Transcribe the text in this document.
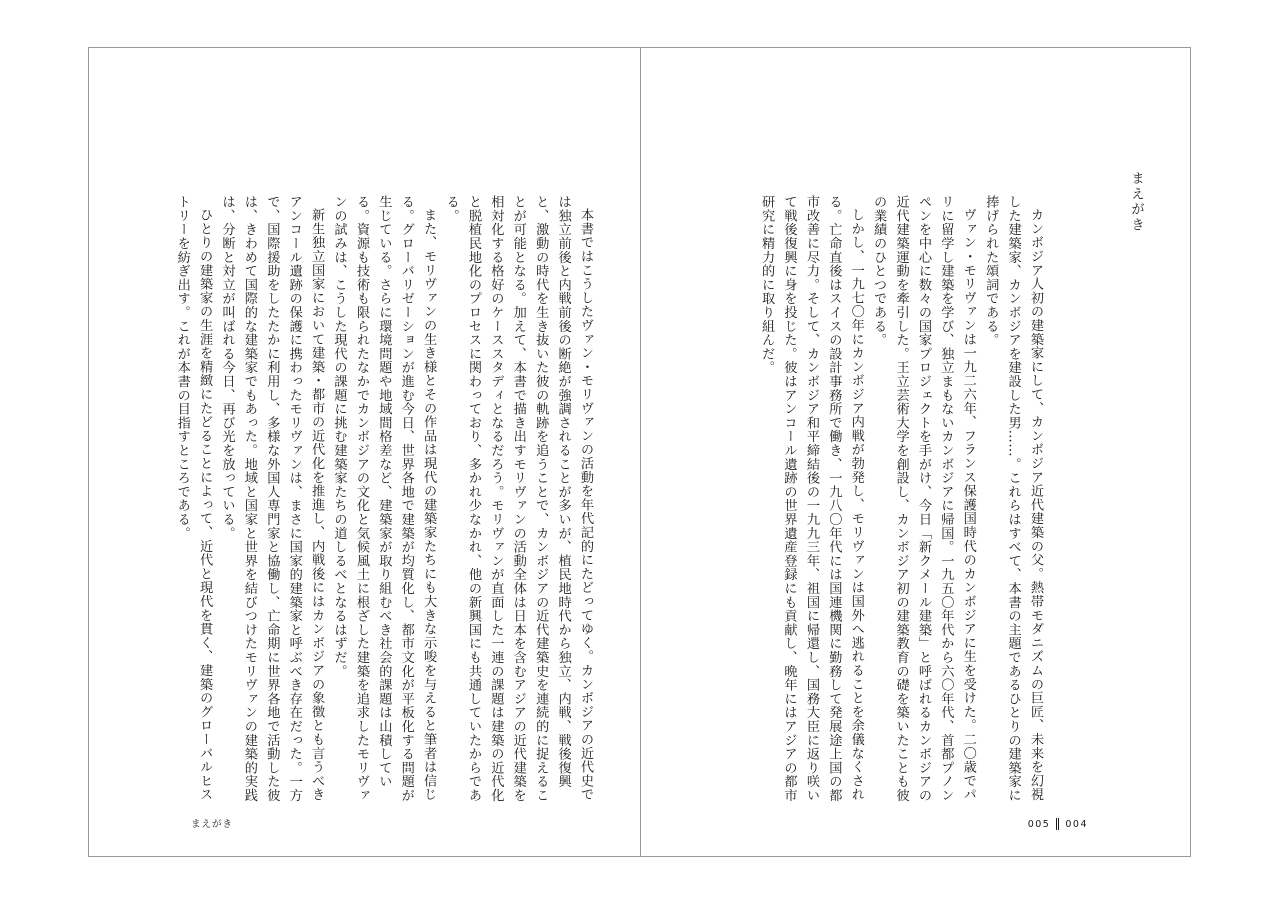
本書ではこうしたヴァン・モリヴァンの活動を年代記的にたどってゆく。カンボジアの近代史では独立前後と内戦前後の断絶が強調されることが多いが、植民地時代から独立、内戦、戦後復興と、激動の時代を生き抜いた彼の軌跡を追うことで、カンボジアの近代建築史を連続的に捉えることが可能となる。加えて、本書で描き出すモリヴァンの活動全体は日本を含むアジアの近代建築を相対化する格好のケーススタディとなるだろう。モリヴァンが直面した一連の課題は建築の近代化と脱植民地化のプロセスに関わっており、多かれ少なかれ、他の新興国にも共通していたからである。

また、モリヴァンの生き様とその作品は現代の建築家たちにも大きな示唆を与えると筆者は信じる。グローバリゼーションが進む今日、世界各地で建築が均質化し、都市文化が平板化する問題が生じている。さらに環境問題や地域間格差など、建築家が取り組むべき社会的課題は山積している。資源も技術も限られたなかでカンボジアの文化と気候風土に根ざした建築を追求したモリヴァンの試みは、こうした現代の課題に挑む建築家たちの道しるべとなるはずだ。

新生独立国家において建築・都市の近代化を推進し、内戦後にはカンボジアの象徴とも言うべきアンコール遺跡の保護に携わったモリヴァンは、まさに国家的建築家と呼ぶべき存在だった。一方で、国際援助をしたたかに利用し、多様な外国人専門家と協働し、亡命期に世界各地で活動した彼は、きわめて国際的な建築家でもあった。地域と国家と世界を結びつけたモリヴァンの建築的実践は、分断と対立が叫ばれる今日、再び光を放っている。

ひとりの建築家の生涯を精緻にたどることによって、近代と現代を貫く、建築のグローバルヒストリーを紡ぎ出す。これが本書の目指すところである。

まえがき
まえがき

カンボジア人初の建築家にして、カンボジア近代建築の父。熱帯モダニズムの巨匠、未来を幻視した建築家、カンボジアを建設した男……。これらはすべて、本書の主題であるひとりの建築家に捧げられた頌詞である。

ヴァン・モリヴァンは一九二六年、フランス保護国時代のカンボジアに生を受けた。二〇歳でパリに留学し建築を学び、独立まもないカンボジアに帰国。一九五〇年代から六〇年代、首都プノンペンを中心に数々の国家プロジェクトを手がけ、今日「新クメール建築」と呼ばれるカンボジアの近代建築運動を牽引した。王立芸術大学を創設し、カンボジア初の建築教育の礎を築いたことも彼の業績のひとつである。

しかし、一九七〇年にカンボジア内戦が勃発し、モリヴァンは国外へ逃れることを余儀なくされる。亡命直後はスイスの設計事務所で働き、一九八〇年代には国連機関に勤務して発展途上国の都市改善に尽力。そして、カンボジア和平締結後の一九九三年、祖国に帰還し、国務大臣に返り咲いて戦後復興に身を投じた。彼はアンコール遺跡の世界遺産登録にも貢献し、晩年にはアジアの都市研究に精力的に取り組んだ。

005 004
